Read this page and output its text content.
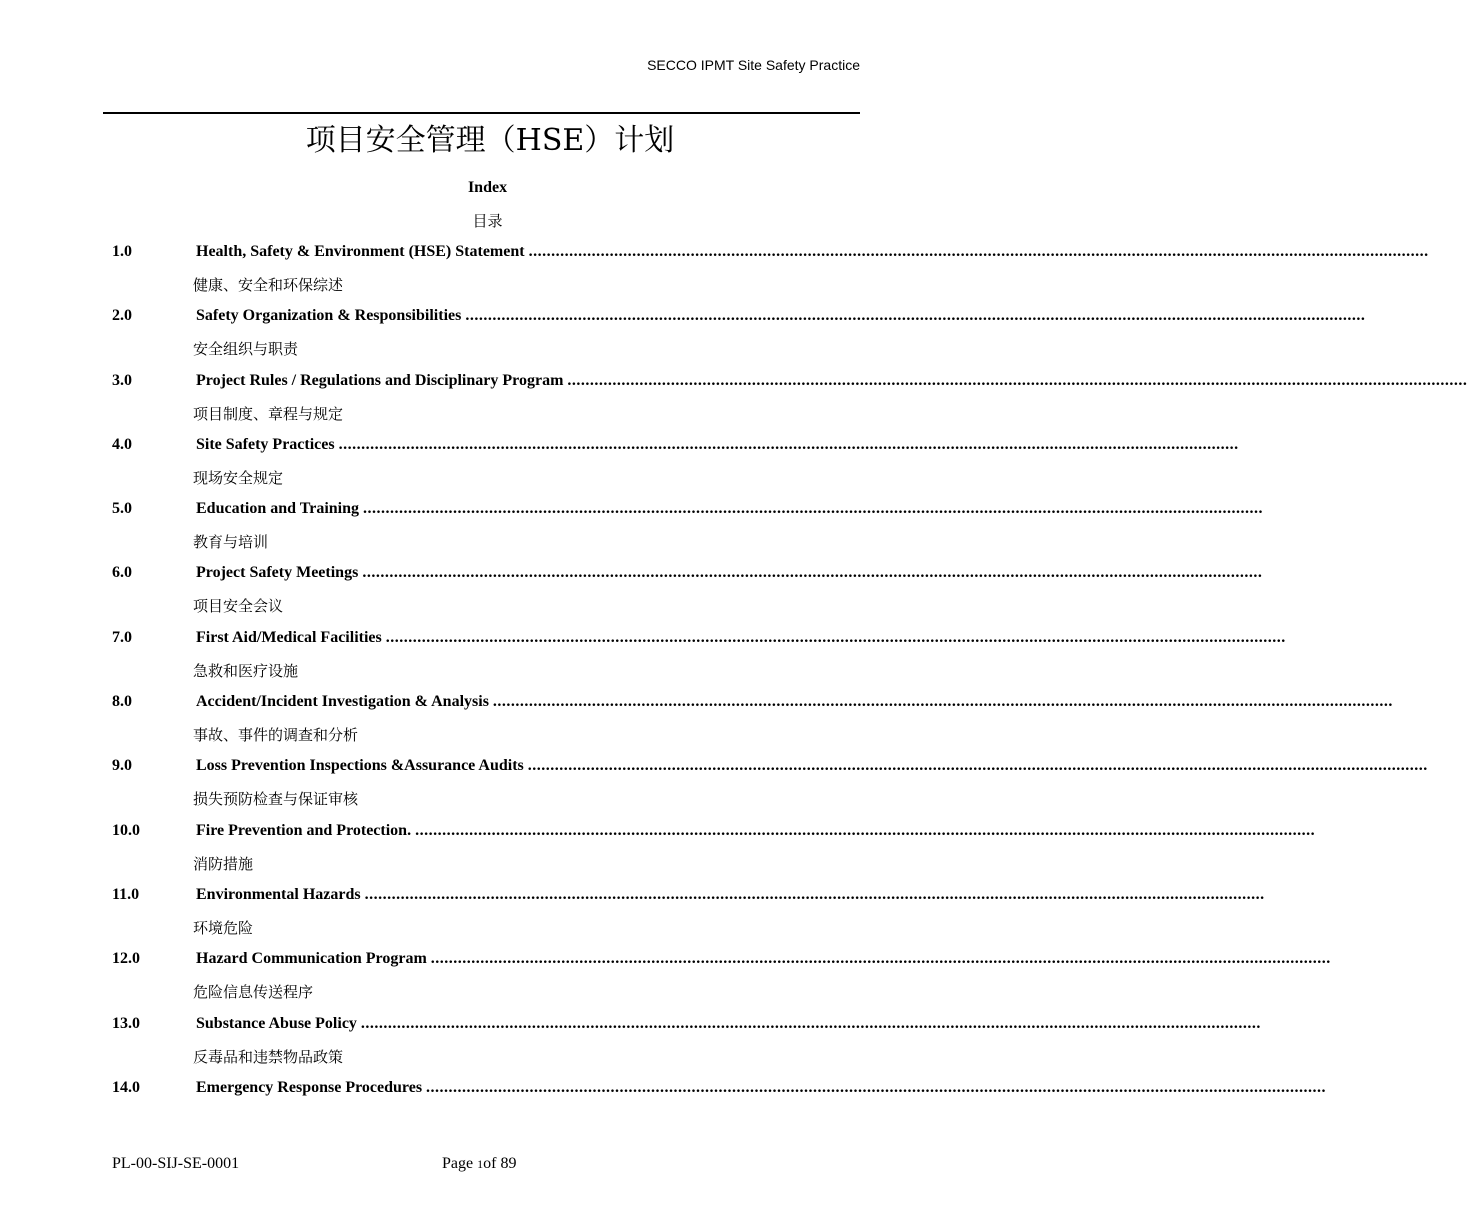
SECCO IPMT Site Safety Practice
项目安全管理（HSE）计划
Index
目录
1.0	Health, Safety & Environment (HSE) Statement ........................................................................................................................................................................................................
健康、安全和环保综述
2.0	Safety Organization & Responsibilities ........................................................................................................................................................................................................
安全组织与职责
3.0	Project Rules / Regulations and Disciplinary Program ........................................................................................................................................................................................................
项目制度、章程与规定
4.0	Site Safety Practices ........................................................................................................................................................................................................
现场安全规定
5.0	Education and Training ........................................................................................................................................................................................................
教育与培训
6.0	Project Safety Meetings ........................................................................................................................................................................................................
项目安全会议
7.0	First Aid/Medical Facilities ........................................................................................................................................................................................................
急救和医疗设施
8.0	Accident/Incident Investigation & Analysis ........................................................................................................................................................................................................
事故、事件的调查和分析
9.0	Loss Prevention Inspections &Assurance Audits ........................................................................................................................................................................................................
损失预防检查与保证审核
10.0	Fire Prevention and Protection. ........................................................................................................................................................................................................
消防措施
11.0	Environmental Hazards ........................................................................................................................................................................................................
环境危险
12.0	Hazard Communication Program ........................................................................................................................................................................................................
危险信息传送程序
13.0	Substance Abuse Policy ........................................................................................................................................................................................................
反毒品和违禁物品政策
14.0	Emergency Response Procedures ........................................................................................................................................................................................................
PL-00-SIJ-SE-0001	Page 1of 89
